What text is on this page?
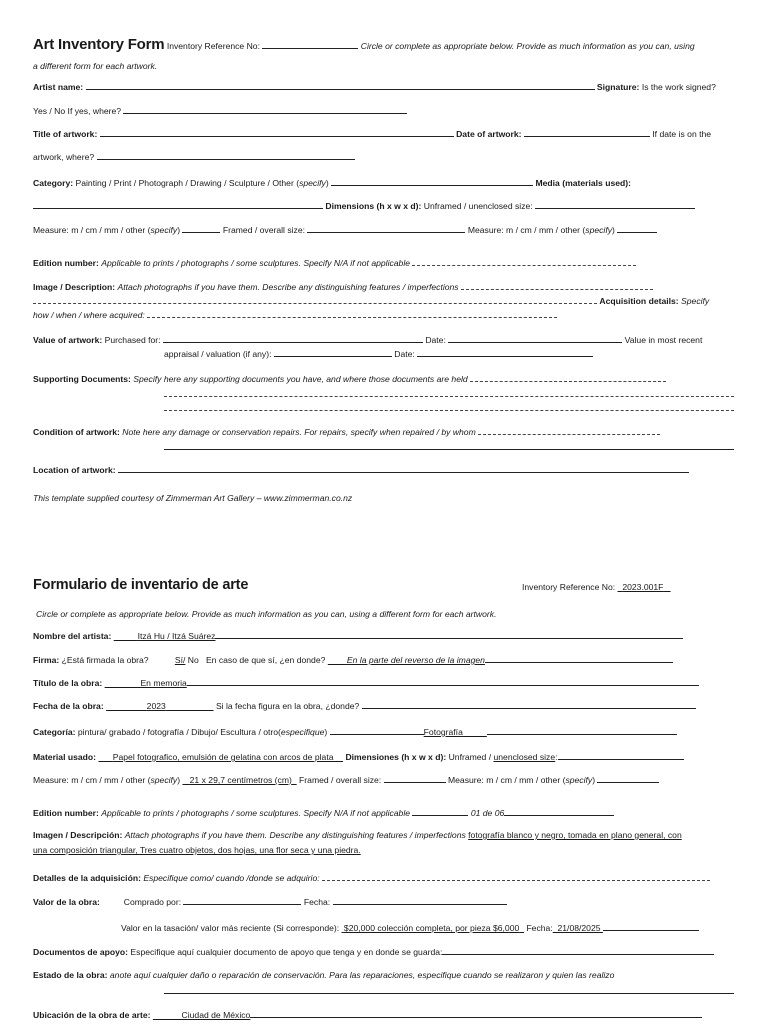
Art Inventory Form Inventory Reference No:	Circle or complete as appropriate below. Provide as much information as you can, using
a different form for each artwork.
Artist name:	Signature: Is the work signed?
Yes / No If yes, where?
Title of artwork:	Date of artwork:	If date is on the
artwork, where?
Category: Painting / Print / Photograph / Drawing / Sculpture / Other (specify)	Media (materials used):
Dimensions (h x w x d): Unframed / unenclosed size:
Measure: m / cm / mm / other (specify)	Framed / overall size:	Measure: m / cm / mm / other (specify)
Edition number: Applicable to prints / photographs / some sculptures. Specify N/A if not applicable
Image / Description: Attach photographs if you have them. Describe any distinguishing features / imperfections
Acquisition details: Specify
how / when / where acquired:
Value of artwork: Purchased for:	Date:	Value in most recent
appraisal / valuation (if any):	Date:
Supporting Documents: Specify here any supporting documents you have, and where those documents are held
Condition of artwork: Note here any damage or conservation repairs. For repairs, specify when repaired / by whom
Location of artwork:
This template supplied courtesy of Zimmerman Art Gallery – www.zimmerman.co.nz
Formulario de inventario de arte	Inventory Reference No: 2023.001F
Circle or complete as appropriate below. Provide as much information as you can, using a different form for each artwork.
Nombre del artista:	Itzá Hu / Itzá Suárez
Firma: ¿Está firmada la obra?	Sí/ No En caso de que sí, ¿en donde?	En la parte del reverso de la imagen
Título de la obra:	En memoria
Fecha de la obra:	2023	Si la fecha figura en la obra, ¿donde?
Categoría: pintura/ grabado / fotografía / Dibujo/ Escultura / otro(especifique)	Fotografía_____
Material usado: Papel fotografico, emulsión de gelatina con arcos de plata Dimensiones (h x w x d): Unframed / unenclosed size:
Measure: m / cm / mm / other (specify) 21 x 29,7 centímetros (cm) Framed / overall size:	Measure: m / cm / mm / other (specify)
Edition number: Applicable to prints / photographs / some sculptures. Specify N/A if not applicable	01 de 06
Imagen / Descripción: Attach photographs if you have them. Describe any distinguishing features / imperfections fotografía blanco y negro, tomada en plano general, con
una composición triangular, Tres cuatro objetos, dos hojas, una flor seca y una piedra.
Detalles de la adquisición: Especifique como/ cuando /donde se adquirio:
Valor de la obra:	Comprado por:	Fecha:
Valor en la tasación/ valor más reciente (Si corresponde): $20,000 colección completa, por pieza $6,000 Fecha: 21/08/2025
Documentos de apoyo: Especifique aquí cualquier documento de apoyo que tenga y en donde se guarda:
Estado de la obra: anote aquí cualquier daño o reparación de conservación. Para las reparaciones, especifique cuando se realizaron y quien las realizo
Ubicación de la obra de arte:	Ciudad de México
